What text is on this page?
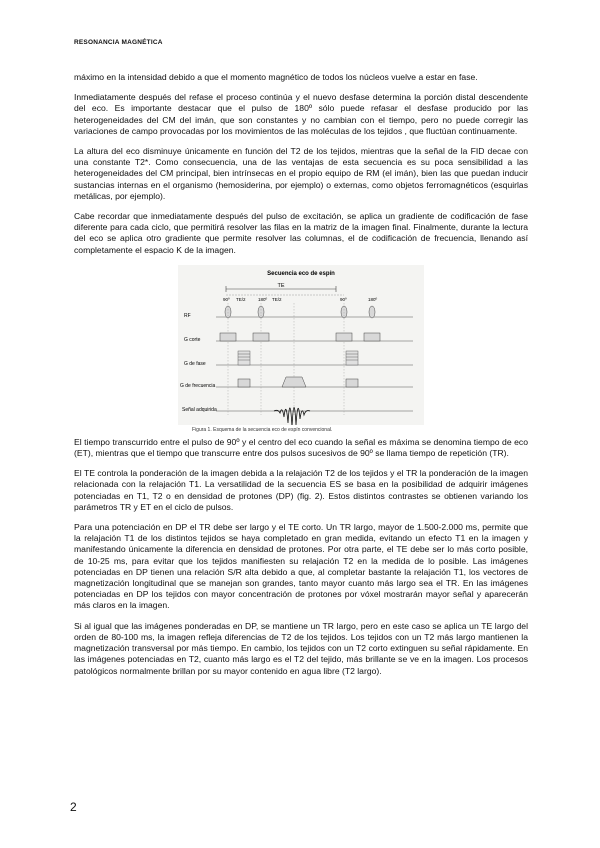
RESONANCIA MAGNÉTICA

máximo en la intensidad debido a que el momento magnético de todos los núcleos vuelve a estar en fase.

Inmediatamente después del refase el proceso continúa y el nuevo desfase determina la porción distal descendente del eco. Es importante destacar que el pulso de 180º sólo puede refasar el desfase producido por las heterogeneidades del CM del imán, que son constantes y no cambian con el tiempo, pero no puede corregir las variaciones de campo provocadas por los movimientos de las moléculas de los tejidos , que fluctúan continuamente.

La altura del eco disminuye únicamente en función del T2 de los tejidos, mientras que la señal de la FID decae con una constante T2*. Como consecuencia, una de las ventajas de esta secuencia es su poca sensibilidad a las heterogeneidades del CM principal, bien intrínsecas en el propio equipo de RM (el imán), bien las que puedan inducir sustancias internas en el organismo (hemosiderina, por ejemplo) o externas, como objetos ferromagnéticos (esquirlas metálicas, por ejemplo).

Cabe recordar que inmediatamente después del pulso de excitación, se aplica un gradiente de codificación de fase diferente para cada ciclo, que permitirá resolver las filas en la matriz de la imagen final. Finalmente, durante la lectura del eco se aplica otro gradiente que permite resolver las columnas, el de codificación de frecuencia, llenando así completamente el espacio K de la imagen.

Secuencia eco de espín
TE
90º TE/2	180º TE/2	90º	180º
RF
G corte
G de fase
G de frecuencia
Señal adquirida
Figura 1. Esquema de la secuencia eco de espín convencional.

El tiempo transcurrido entre el pulso de 90º y el centro del eco cuando la señal es máxima se denomina tiempo de eco (ET), mientras que el tiempo que transcurre entre dos pulsos sucesivos de 90º se llama tiempo de repetición (TR).

El TE controla la ponderación de la imagen debida a la relajación T2 de los tejidos y el TR la ponderación de la imagen relacionada con la relajación T1. La versatilidad de la secuencia ES se basa en la posibilidad de adquirir imágenes potenciadas en T1, T2 o en densidad de protones (DP) (fig. 2). Estos distintos contrastes se obtienen variando los parámetros TR y ET en el ciclo de pulsos.

Para una potenciación en DP el TR debe ser largo y el TE corto. Un TR largo, mayor de 1.500-2.000 ms, permite que la relajación T1 de los distintos tejidos se haya completado en gran medida, evitando un efecto T1 en la imagen y manifestando únicamente la diferencia en densidad de protones. Por otra parte, el TE debe ser lo más corto posible, de 10-25 ms, para evitar que los tejidos manifiesten su relajación T2 en la medida de lo posible. Las imágenes potenciadas en DP tienen una relación S/R alta debido a que, al completar bastante la relajación T1, los vectores de magnetización longitudinal que se manejan son grandes, tanto mayor cuanto más largo sea el TR. En las imágenes potenciadas en DP los tejidos con mayor concentración de protones por vóxel mostrarán mayor señal y aparecerán más claros en la imagen.

Si al igual que las imágenes ponderadas en DP, se mantiene un TR largo, pero en este caso se aplica un TE largo del orden de 80-100 ms, la imagen refleja diferencias de T2 de los tejidos. Los tejidos con un T2 más largo mantienen la magnetización transversal por más tiempo. En cambio, los tejidos con un T2 corto extinguen su señal rápidamente. En las imágenes potenciadas en T2, cuanto más largo es el T2 del tejido, más brillante se ve en la imagen. Los procesos patológicos normalmente brillan por su mayor contenido en agua libre (T2 largo).

2
